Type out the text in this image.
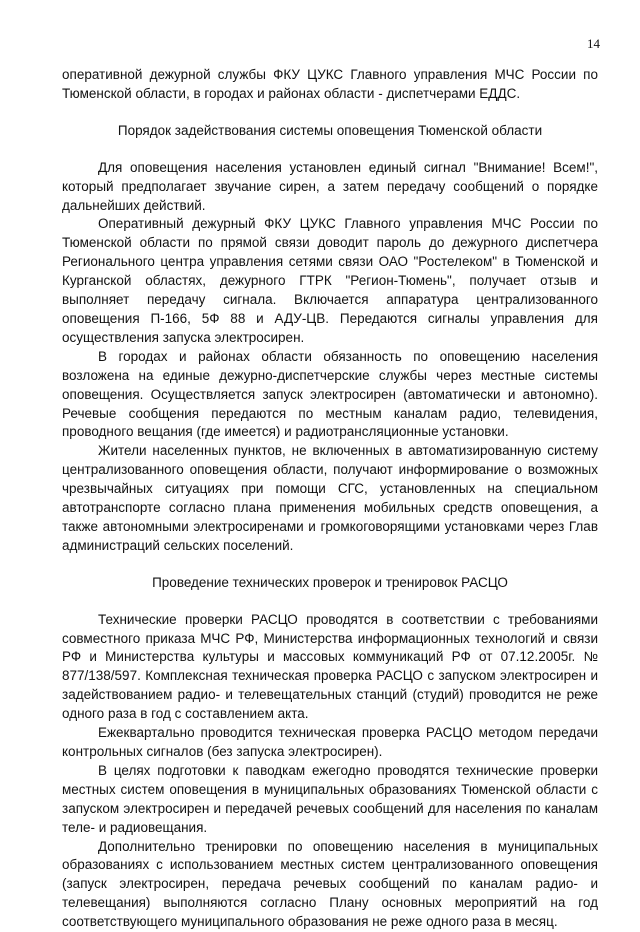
14

оперативной дежурной службы ФКУ ЦУКС Главного управления МЧС России по Тюменской области, в городах и районах области - диспетчерами ЕДДС.

Порядок задействования системы оповещения Тюменской области

Для оповещения населения установлен единый сигнал "Внимание! Всем!", который предполагает звучание сирен, а затем передачу сообщений о порядке дальнейших действий.

Оперативный дежурный ФКУ ЦУКС Главного управления МЧС России по Тюменской области по прямой связи доводит пароль до дежурного диспетчера Регионального центра управления сетями связи ОАО "Ростелеком" в Тюменской и Курганской областях, дежурного ГТРК "Регион-Тюмень", получает отзыв и выполняет передачу сигнала. Включается аппаратура централизованного оповещения П-166, 5Ф 88 и АДУ-ЦВ. Передаются сигналы управления для осуществления запуска электросирен.

В городах и районах области обязанность по оповещению населения возложена на единые дежурно-диспетчерские службы через местные системы оповещения. Осуществляется запуск электросирен (автоматически и автономно). Речевые сообщения передаются по местным каналам радио, телевидения, проводного вещания (где имеется) и радиотрансляционные установки.

Жители населенных пунктов, не включенных в автоматизированную систему централизованного оповещения области, получают информирование о возможных чрезвычайных ситуациях при помощи СГС, установленных на специальном автотранспорте согласно плана применения мобильных средств оповещения, а также автономными электросиренами и громкоговорящими установками через Глав администраций сельских поселений.

Проведение технических проверок и тренировок РАСЦО

Технические проверки РАСЦО проводятся в соответствии с требованиями совместного приказа МЧС РФ, Министерства информационных технологий и связи РФ и Министерства культуры и массовых коммуникаций РФ от 07.12.2005г. № 877/138/597. Комплексная техническая проверка РАСЦО с запуском электросирен и задействованием радио- и телевещательных станций (студий) проводится не реже одного раза в год с составлением акта.

Ежеквартально проводится техническая проверка РАСЦО методом передачи контрольных сигналов (без запуска электросирен).

В целях подготовки к паводкам ежегодно проводятся технические проверки местных систем оповещения в муниципальных образованиях Тюменской области с запуском электросирен и передачей речевых сообщений для населения по каналам теле- и радиовещания.

Дополнительно тренировки по оповещению населения в муниципальных образованиях с использованием местных систем централизованного оповещения (запуск электросирен, передача речевых сообщений по каналам радио- и телевещания) выполняются согласно Плану основных мероприятий на год соответствующего муниципального образования не реже одного раза в месяц.
